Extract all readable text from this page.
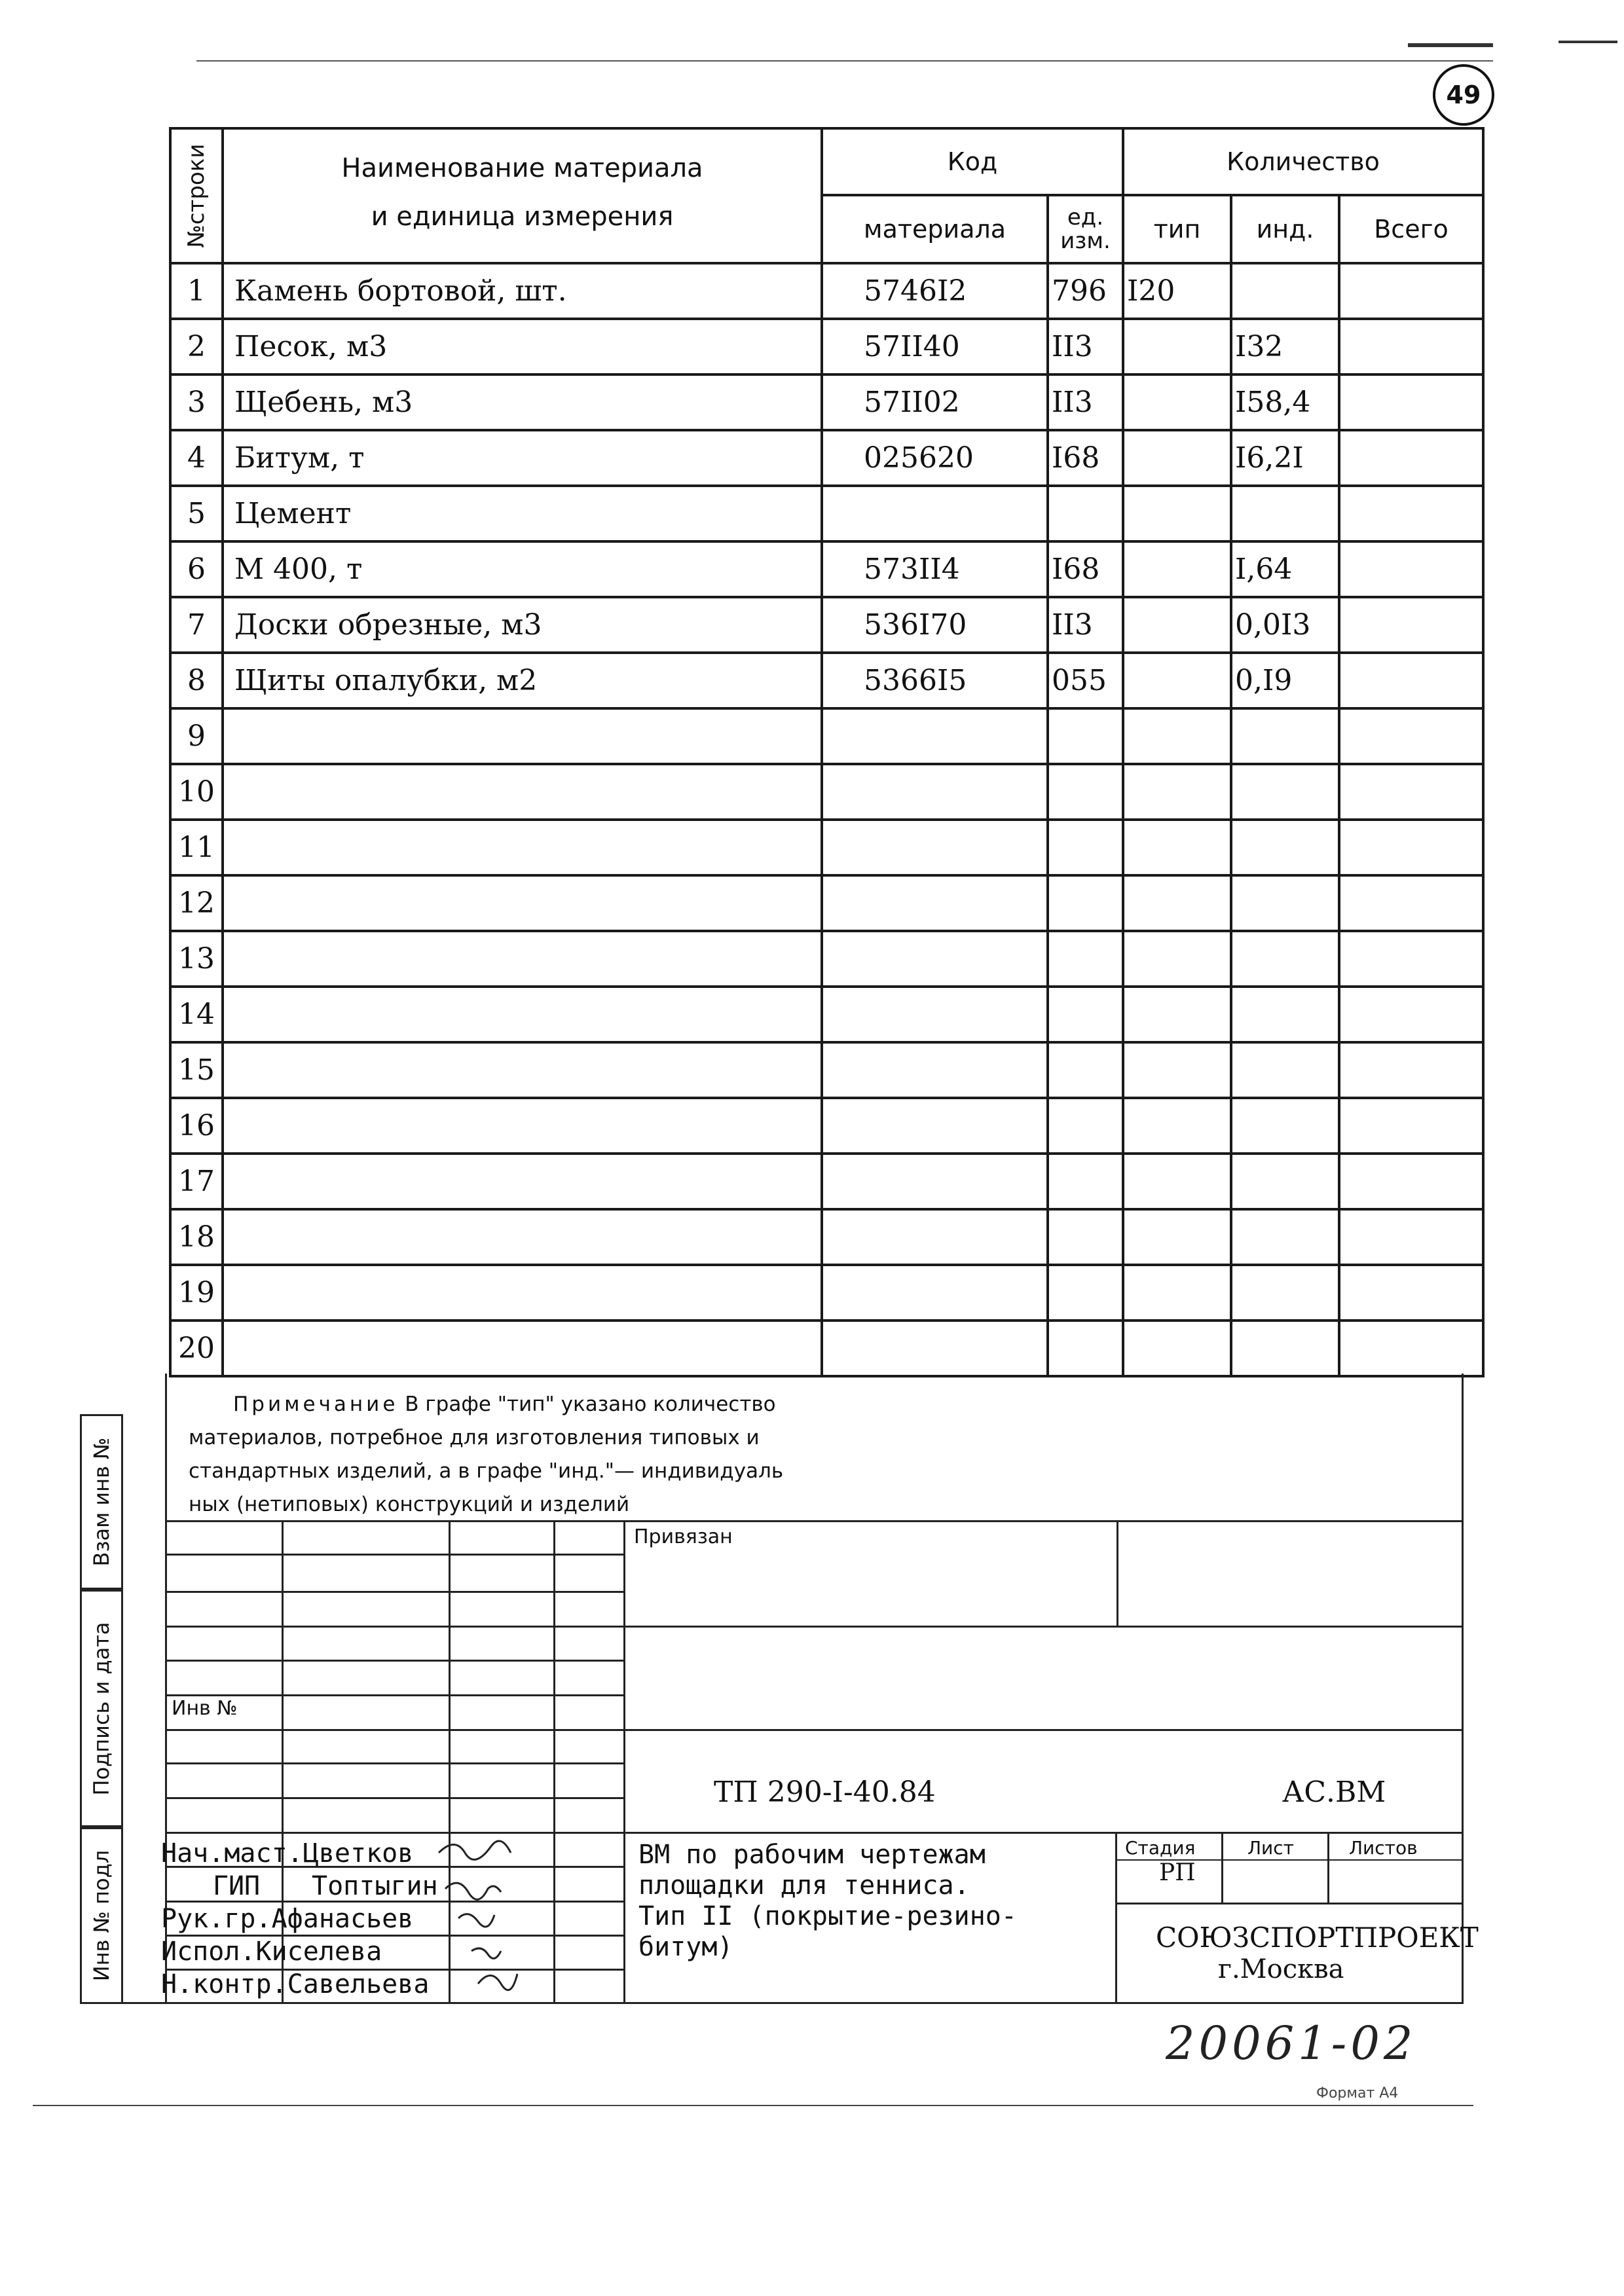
49
№строки	Наименование материала
и единица измерения	Код		Количество		
		материала	ед. изм.	тип	инд.	Всего
1	Камень бортовой, шт.	5746I2	796	I20		
2	Песок, м3	57II40	II3		I32	
3	Щебень, м3	57II02	II3		I58,4	
4	Битум, т	025620	I68		I6,2I	
5	Цемент					
6	М 400, т	573II4	I68		I,64	
7	Доски обрезные, м3	536I70	II3		0,0I3	
8	Щиты опалубки, м2	5366I5	055		0,I9	
9						
10						
11						
12						
13						
14						
15						
16						
17						
18						
19						
20						
Примечание В графе "тип" указано количество
материалов, потребное для изготовления типовых и
стандартных изделий, а в графе "инд."— индивидуаль
ных (нетиповых) конструкций и изделий
Взам инв №
Подпись и дата
Инв № подл
Инв №
Привязан
ТП 290-I-40.84	АС.ВМ
Нач.маст.Цветков
ГИП Топтыгин
Рук.гр.Афанасьев
Испол.Киселева
Н.контр.Савельева
ВМ по рабочим чертежам
площадки для тенниса.
Тип II (покрытие-резино-
битум)
Стадия	Лист	Листов
РП
СОЮЗСПОРТПРОЕКТ
г.Москва
20061-02
Формат А4
